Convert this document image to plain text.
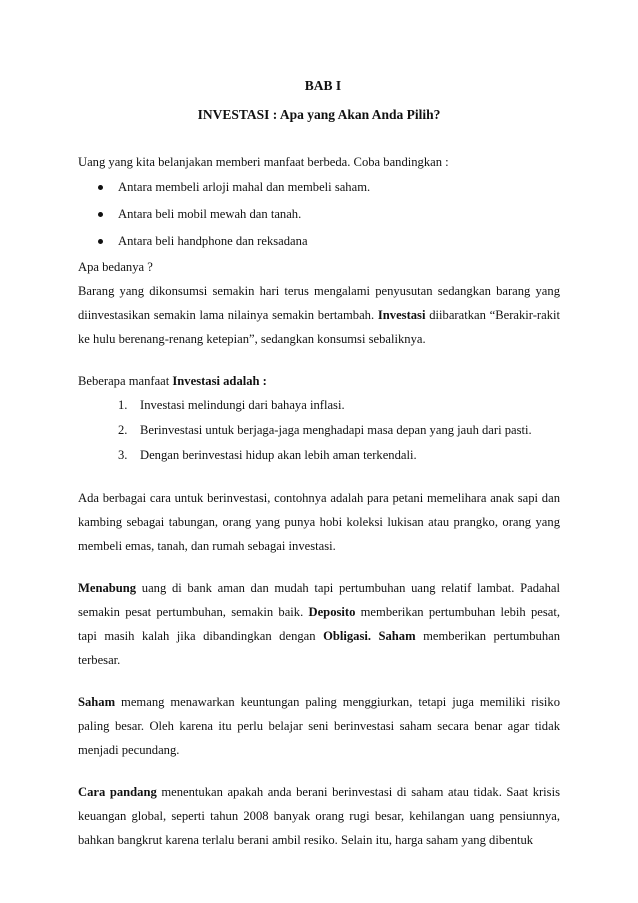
BAB I
INVESTASI : Apa yang Akan Anda Pilih?

Uang yang kita belanjakan memberi manfaat berbeda. Coba bandingkan :

Antara membeli arloji mahal dan membeli saham.
Antara beli mobil mewah dan tanah.
Antara beli handphone dan reksadana

Apa bedanya ?

Barang yang dikonsumsi semakin hari terus mengalami penyusutan sedangkan barang yang diinvestasikan semakin lama nilainya semakin bertambah. Investasi diibaratkan “Berakir-rakit ke hulu berenang-renang ketepian”, sedangkan konsumsi sebaliknya.

Beberapa manfaat Investasi adalah :

1. Investasi melindungi dari bahaya inflasi.
2. Berinvestasi untuk berjaga-jaga menghadapi masa depan yang jauh dari pasti.
3. Dengan berinvestasi hidup akan lebih aman terkendali.

Ada berbagai cara untuk berinvestasi, contohnya adalah para petani memelihara anak sapi dan kambing sebagai tabungan, orang yang punya hobi koleksi lukisan atau prangko, orang yang membeli emas, tanah, dan rumah sebagai investasi.

Menabung uang di bank aman dan mudah tapi pertumbuhan uang relatif lambat. Padahal semakin pesat pertumbuhan, semakin baik. Deposito memberikan pertumbuhan lebih pesat, tapi masih kalah jika dibandingkan dengan Obligasi. Saham memberikan pertumbuhan terbesar.

Saham memang menawarkan keuntungan paling menggiurkan, tetapi juga memiliki risiko paling besar. Oleh karena itu perlu belajar seni berinvestasi saham secara benar agar tidak menjadi pecundang.

Cara pandang menentukan apakah anda berani berinvestasi di saham atau tidak. Saat krisis keuangan global, seperti tahun 2008 banyak orang rugi besar, kehilangan uang pensiunnya, bahkan bangkrut karena terlalu berani ambil resiko. Selain itu, harga saham yang dibentuk
